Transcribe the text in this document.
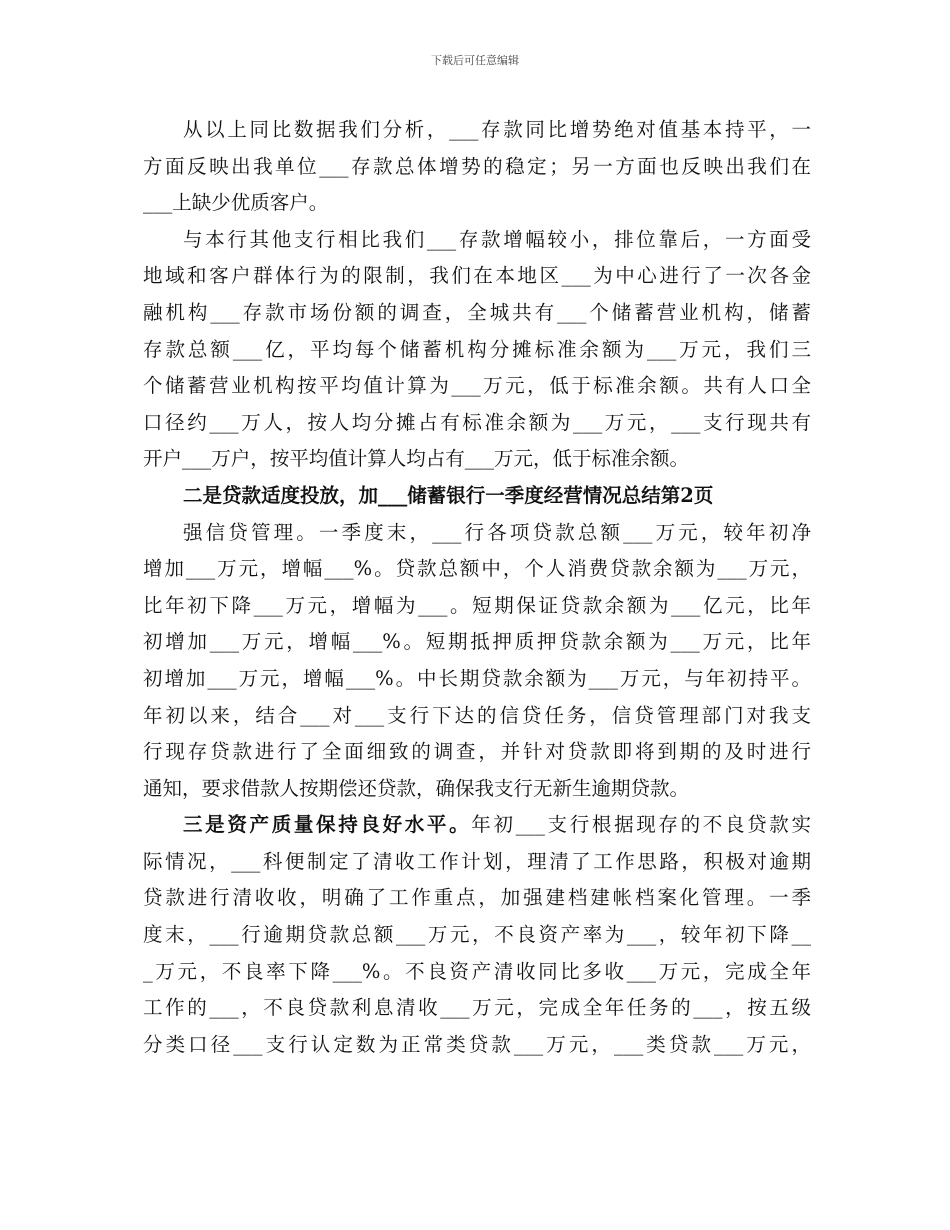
下载后可任意编辑
从以上同比数据我们分析，___存款同比增势绝对值基本持平，一
方面反映出我单位___存款总体增势的稳定；另一方面也反映出我们在
___上缺少优质客户。
与本行其他支行相比我们___存款增幅较小，排位靠后，一方面受
地域和客户群体行为的限制，我们在本地区___为中心进行了一次各金
融机构___存款市场份额的调查，全城共有___个储蓄营业机构，储蓄
存款总额___亿，平均每个储蓄机构分摊标准余额为___万元，我们三
个储蓄营业机构按平均值计算为___万元，低于标准余额。共有人口全
口径约___万人，按人均分摊占有标准余额为___万元，___支行现共有
开户___万户，按平均值计算人均占有___万元，低于标准余额。
二是贷款适度投放，加___储蓄银行一季度经营情况总结第2页
强信贷管理。一季度末，___行各项贷款总额___万元，较年初净
增加___万元，增幅___%。贷款总额中，个人消费贷款余额为___万元，
比年初下降___万元，增幅为___。短期保证贷款余额为___亿元，比年
初增加___万元，增幅___%。短期抵押质押贷款余额为___万元，比年
初增加___万元，增幅___%。中长期贷款余额为___万元，与年初持平。
年初以来，结合___对___支行下达的信贷任务，信贷管理部门对我支
行现存贷款进行了全面细致的调查，并针对贷款即将到期的及时进行
通知，要求借款人按期偿还贷款，确保我支行无新生逾期贷款。
三是资产质量保持良好水平。年初___支行根据现存的不良贷款实
际情况，___科便制定了清收工作计划，理清了工作思路，积极对逾期
贷款进行清收收，明确了工作重点，加强建档建帐档案化管理。一季
度末，___行逾期贷款总额___万元，不良资产率为___，较年初下降__
_万元，不良率下降___%。不良资产清收同比多收___万元，完成全年
工作的___，不良贷款利息清收___万元，完成全年任务的___，按五级
分类口径___支行认定数为正常类贷款___万元，___类贷款___万元，
